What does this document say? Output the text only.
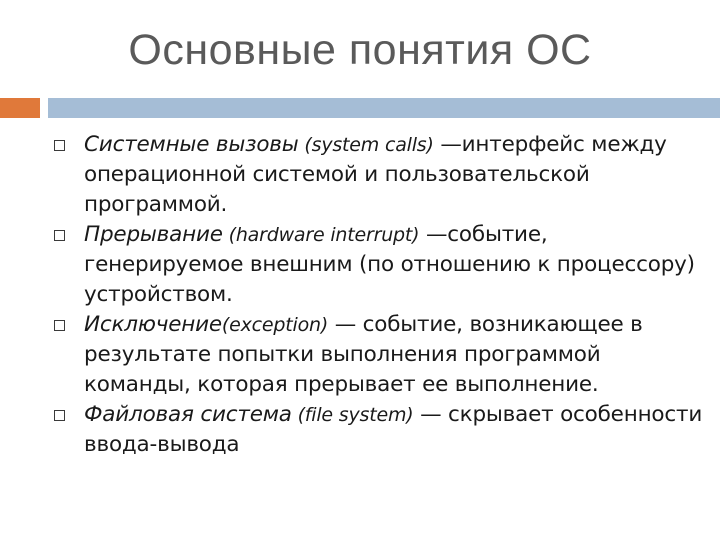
Основные понятия ОС
Системные вызовы (system calls) —интерфейс между операционной системой и пользовательской программой.
Прерывание (hardware interrupt) —событие, генерируемое внешним (по отношению к процессору) устройством.
Исключение(exception) — событие, возникающее в результате попытки выполнения программой команды, которая прерывает ее выполнение.
Файловая система (file system) — скрывает особенности ввода-вывода
